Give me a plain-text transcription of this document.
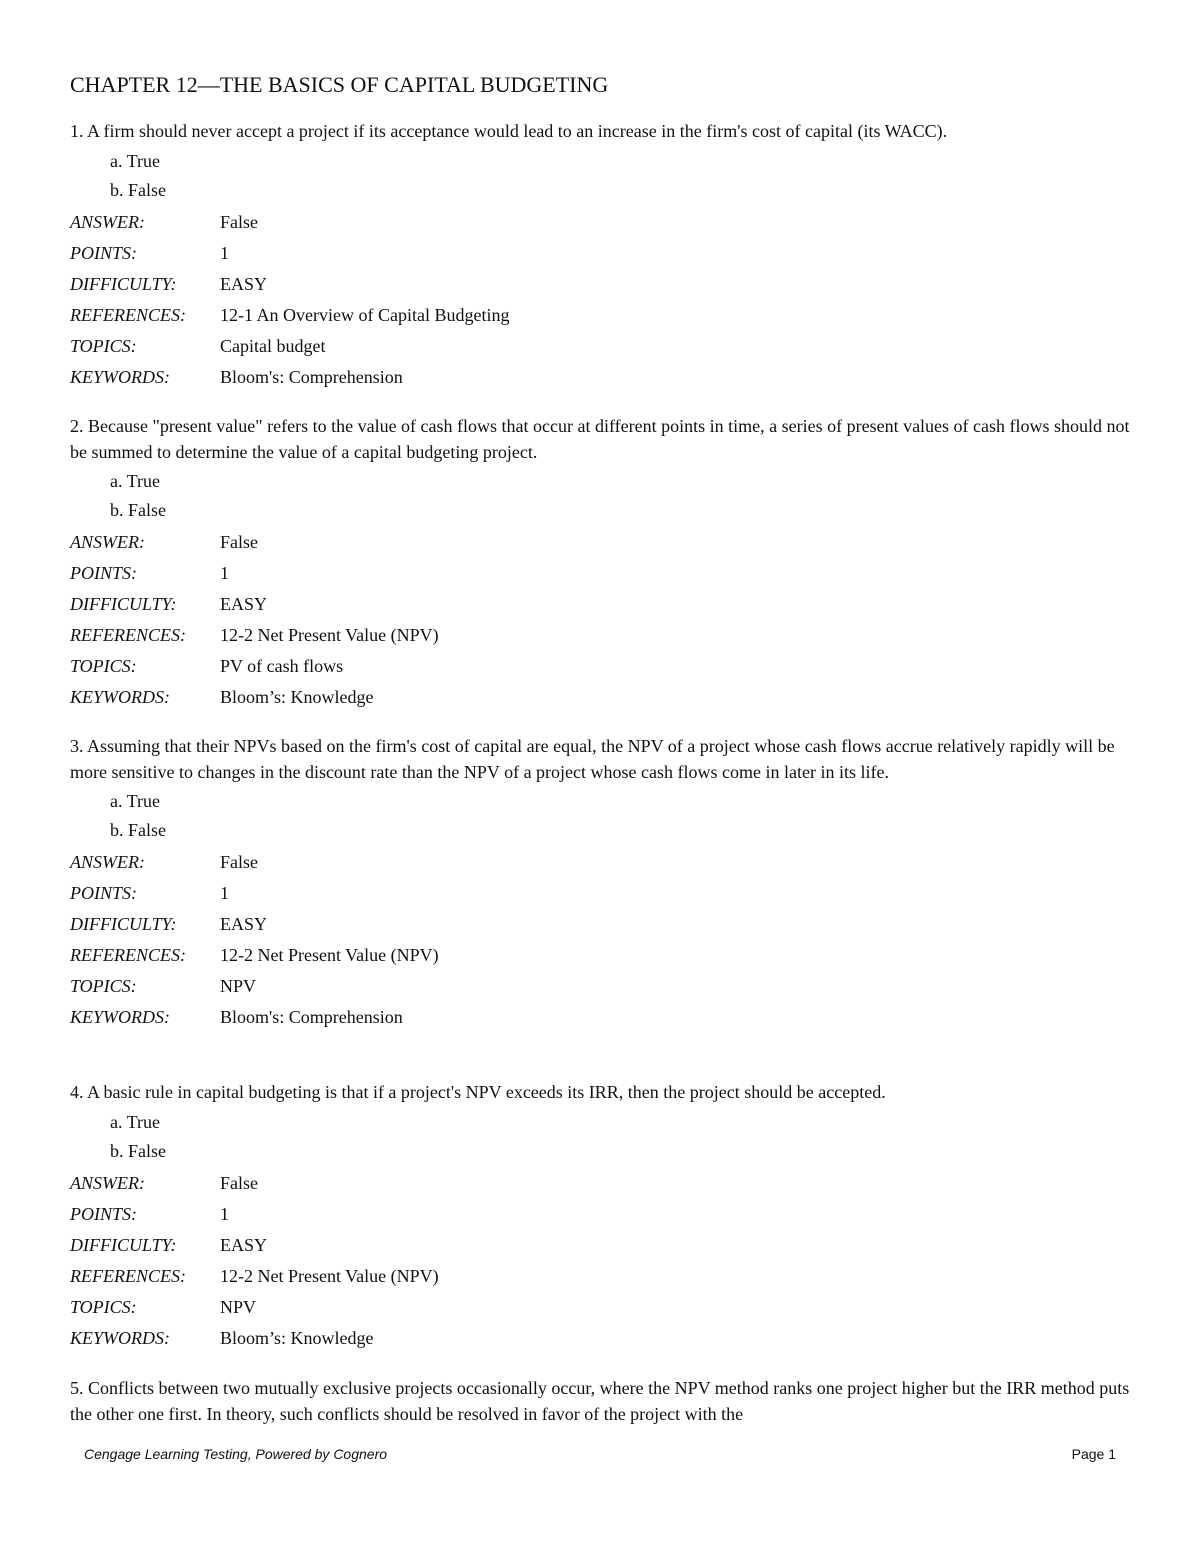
CHAPTER 12—THE BASICS OF CAPITAL BUDGETING

1. A firm should never accept a project if its acceptance would lead to an increase in the firm's cost of capital (its WACC).

a. True
b. False
ANSWER:	False
POINTS:	1
DIFFICULTY:	EASY
REFERENCES:	12-1 An Overview of Capital Budgeting
TOPICS:	Capital budget
KEYWORDS:	Bloom's: Comprehension

2. Because "present value" refers to the value of cash flows that occur at different points in time, a series of present values of cash flows should not be summed to determine the value of a capital budgeting project.

a. True
b. False
ANSWER:	False
POINTS:	1
DIFFICULTY:	EASY
REFERENCES:	12-2 Net Present Value (NPV)
TOPICS:	PV of cash flows
KEYWORDS:	Bloom’s: Knowledge

3. Assuming that their NPVs based on the firm's cost of capital are equal, the NPV of a project whose cash flows accrue relatively rapidly will be more sensitive to changes in the discount rate than the NPV of a project whose cash flows come in later in its life.

a. True
b. False
ANSWER:	False
POINTS:	1
DIFFICULTY:	EASY
REFERENCES:	12-2 Net Present Value (NPV)
TOPICS:	NPV
KEYWORDS:	Bloom's: Comprehension

4. A basic rule in capital budgeting is that if a project's NPV exceeds its IRR, then the project should be accepted.

a. True
b. False
ANSWER:	False
POINTS:	1
DIFFICULTY:	EASY
REFERENCES:	12-2 Net Present Value (NPV)
TOPICS:	NPV
KEYWORDS:	Bloom’s: Knowledge

5. Conflicts between two mutually exclusive projects occasionally occur, where the NPV method ranks one project higher but the IRR method puts the other one first. In theory, such conflicts should be resolved in favor of the project with the

Cengage Learning Testing, Powered by Cognero	Page 1
